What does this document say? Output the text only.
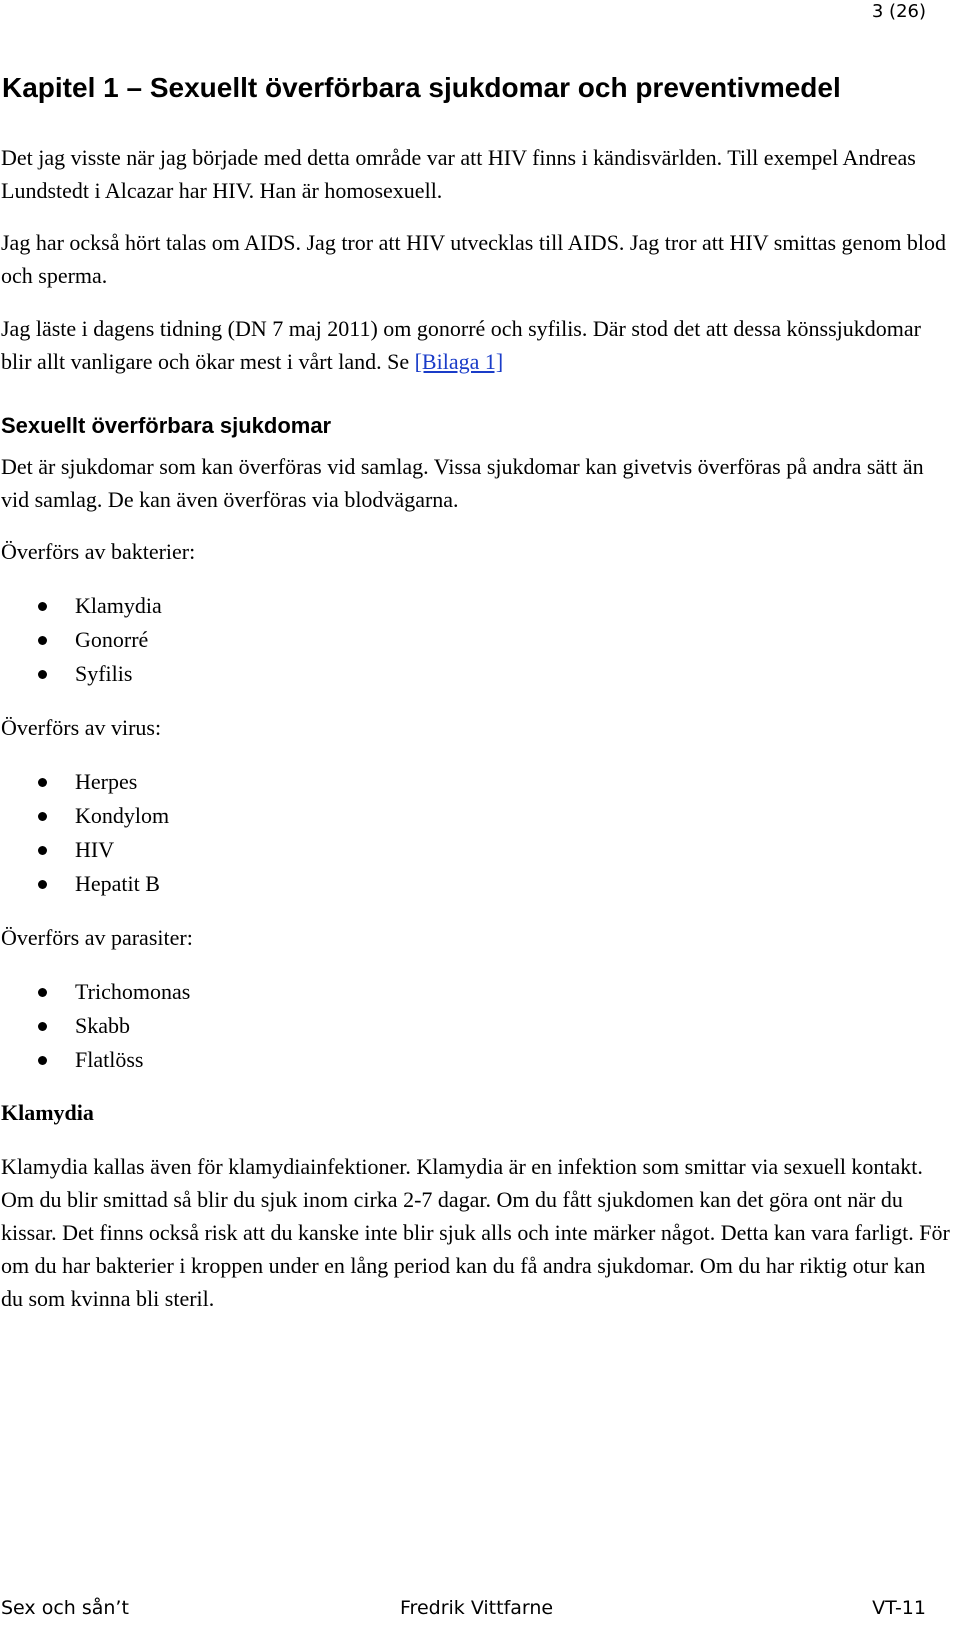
3 (26)
Kapitel 1 – Sexuellt överförbara sjukdomar och preventivmedel

Det jag visste när jag började med detta område var att HIV finns i kändisvärlden. Till exempel Andreas Lundstedt i Alcazar har HIV. Han är homosexuell.

Jag har också hört talas om AIDS. Jag tror att HIV utvecklas till AIDS. Jag tror att HIV smittas genom blod och sperma.

Jag läste i dagens tidning (DN 7 maj 2011) om gonorré och syfilis. Där stod det att dessa könssjukdomar blir allt vanligare och ökar mest i vårt land. Se [Bilaga 1]

Sexuellt överförbara sjukdomar

Det är sjukdomar som kan överföras vid samlag. Vissa sjukdomar kan givetvis överföras på andra sätt än vid samlag. De kan även överföras via blodvägarna.

Överförs av bakterier:

Klamydia
Gonorré
Syfilis

Överförs av virus:

Herpes
Kondylom
HIV
Hepatit B

Överförs av parasiter:

Trichomonas
Skabb
Flatlöss
Klamydia

Klamydia kallas även för klamydiainfektioner. Klamydia är en infektion som smittar via sexuell kontakt. Om du blir smittad så blir du sjuk inom cirka 2-7 dagar. Om du fått sjukdomen kan det göra ont när du kissar. Det finns också risk att du kanske inte blir sjuk alls och inte märker något. Detta kan vara farligt. För om du har bakterier i kroppen under en lång period kan du få andra sjukdomar. Om du har riktig otur kan du som kvinna bli steril.

Sex och sån’t	Fredrik Vittfarne	VT-11
